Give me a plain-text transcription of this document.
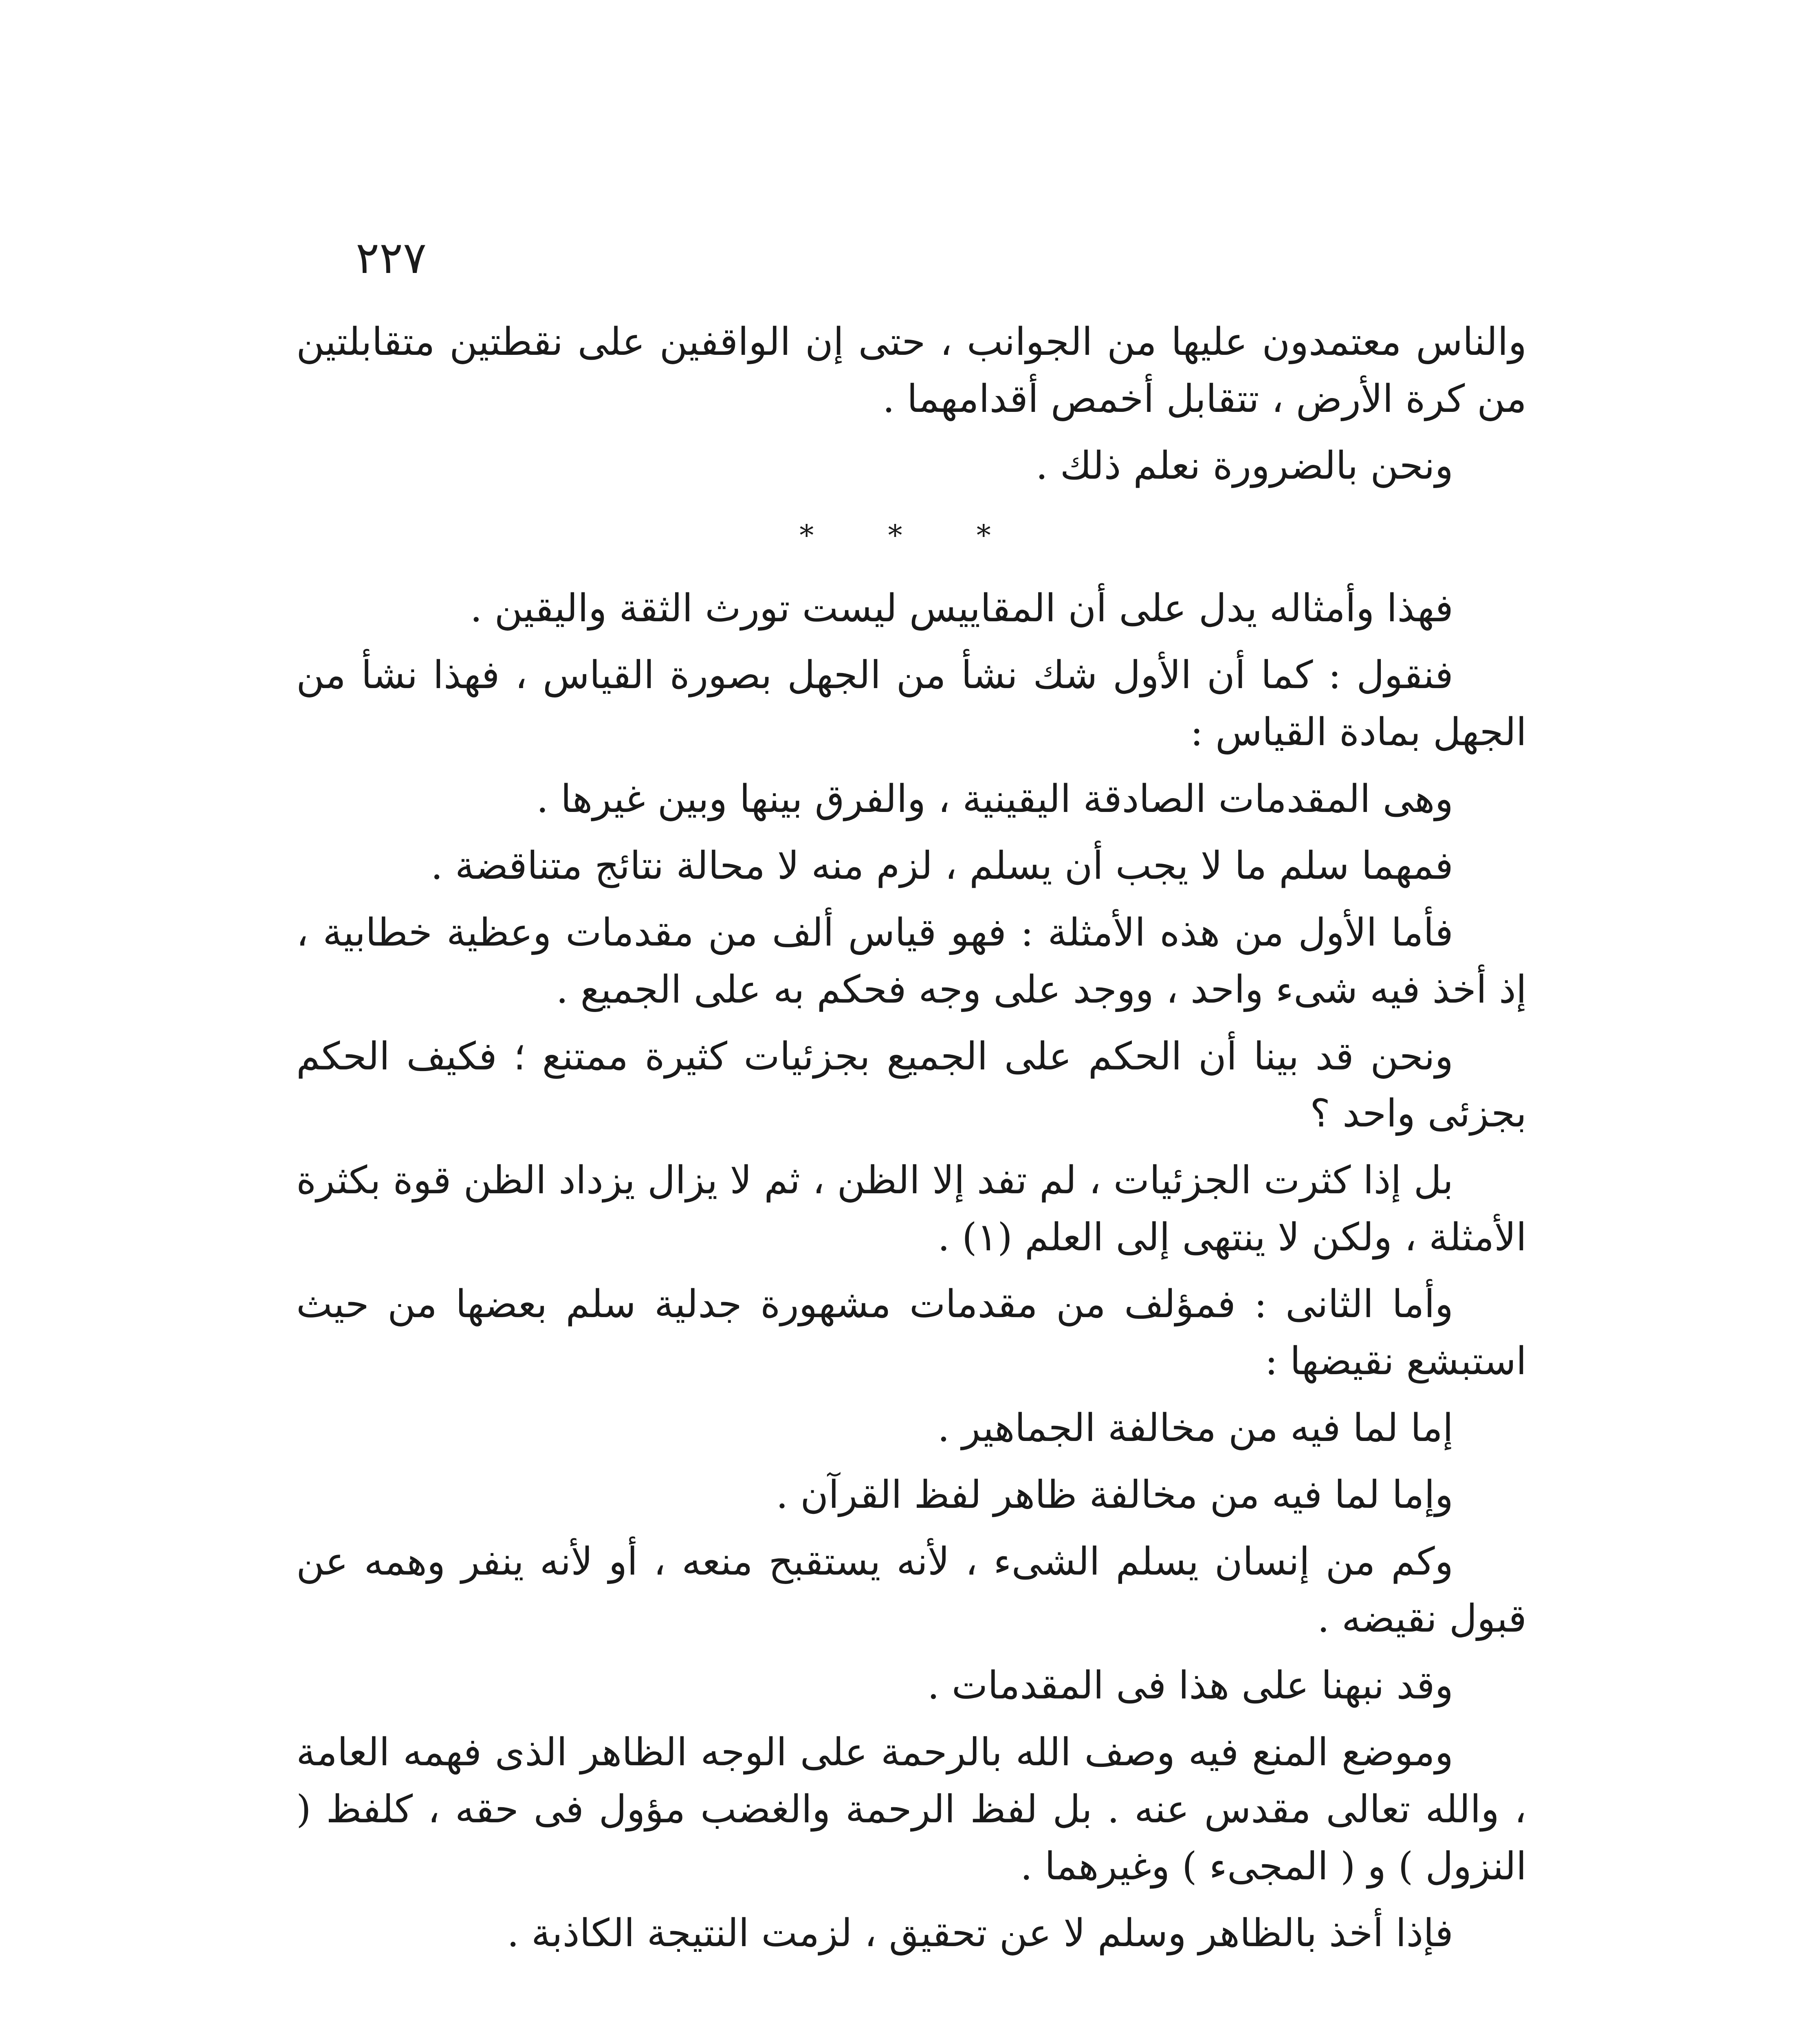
٢٢٧

والناس معتمدون عليها من الجوانب ، حتى إن الواقفين على نقطتين متقابلتين من كرة الأرض ، تتقابل أخمص أقدامهما .

ونحن بالضرورة نعلم ذلك .

* * *

فهذا وأمثاله يدل على أن المقاييس ليست تورث الثقة واليقين .

فنقول : كما أن الأول شك نشأ من الجهل بصورة القياس ، فهذا نشأ من الجهل بمادة القياس :

وهى المقدمات الصادقة اليقينية ، والفرق بينها وبين غيرها .

فمهما سلم ما لا يجب أن يسلم ، لزم منه لا محالة نتائج متناقضة .

فأما الأول من هذه الأمثلة : فهو قياس ألف من مقدمات وعظية خطابية ، إذ أخذ فيه شىء واحد ، ووجد على وجه فحكم به على الجميع .

ونحن قد بينا أن الحكم على الجميع بجزئيات كثيرة ممتنع ؛ فكيف الحكم بجزئى واحد ؟

بل إذا كثرت الجزئيات ، لم تفد إلا الظن ، ثم لا يزال يزداد الظن قوة بكثرة الأمثلة ، ولكن لا ينتهى إلى العلم (١) .

وأما الثانى : فمؤلف من مقدمات مشهورة جدلية سلم بعضها من حيث استبشع نقيضها :

إما لما فيه من مخالفة الجماهير .

وإما لما فيه من مخالفة ظاهر لفظ القرآن .

وكم من إنسان يسلم الشىء ، لأنه يستقبح منعه ، أو لأنه ينفر وهمه عن قبول نقيضه .

وقد نبهنا على هذا فى المقدمات .

وموضع المنع فيه وصف الله بالرحمة على الوجه الظاهر الذى فهمه العامة ، والله تعالى مقدس عنه . بل لفظ الرحمة والغضب مؤول فى حقه ، كلفظ ( النزول ) و ( المجىء ) وغيرهما .

فإذا أخذ بالظاهر وسلم لا عن تحقيق ، لزمت النتيجة الكاذبة .
